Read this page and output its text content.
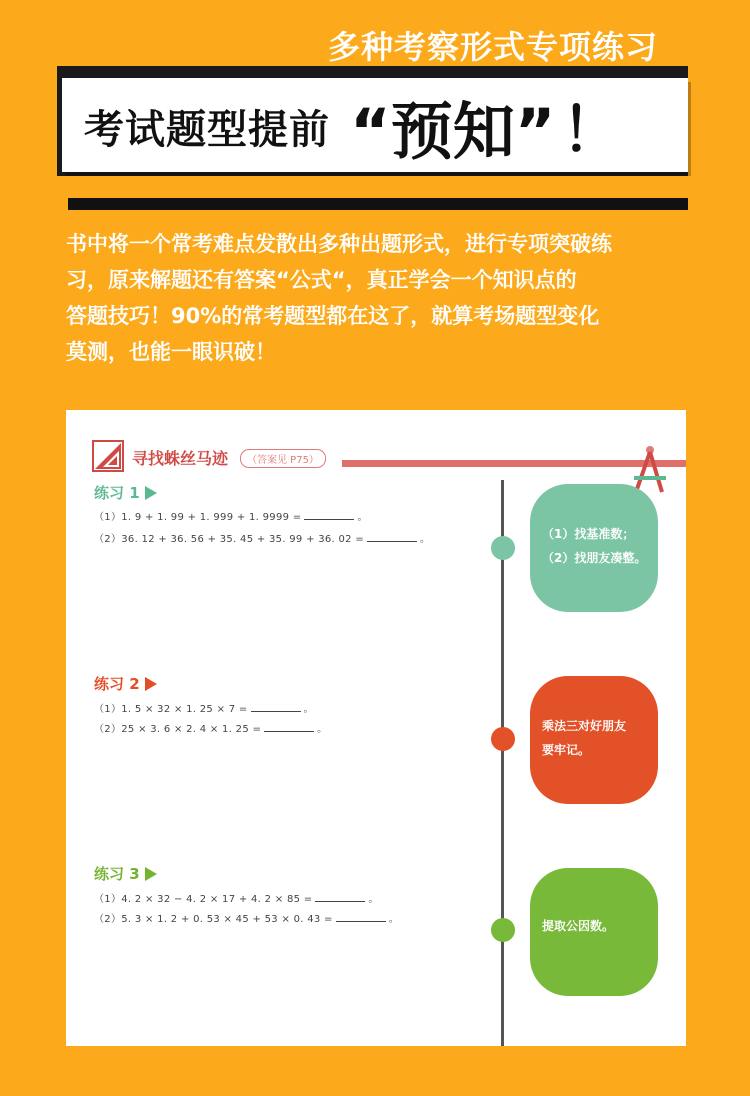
多种考察形式专项练习
考试题型提前 “预知” ！

书中将一个常考难点发散出多种出题形式，进行专项突破练

习，原来解题还有答案“公式“，真正学会一个知识点的

答题技巧！90%的常考题型都在这了，就算考场题型变化

莫测，也能一眼识破！

寻找蛛丝马迹	（答案见 P75）
练习 1
（1）1. 9 + 1. 99 + 1. 999 + 1. 9999 =	。
（2）36. 12 + 36. 56 + 35. 45 + 35. 99 + 36. 02 =	。	（1）找基准数；

（2）找朋友凑整。

练习 2
（1）1. 5 × 32 × 1. 25 × 7 =	。
（2）25 × 3. 6 × 2. 4 × 1. 25 =	。	乘法三对好朋友

要牢记。

练习 3
（1）4. 2 × 32 − 4. 2 × 17 + 4. 2 × 85 =	。
（2）5. 3 × 1. 2 + 0. 53 × 45 + 53 × 0. 43 =	。	提取公因数。
